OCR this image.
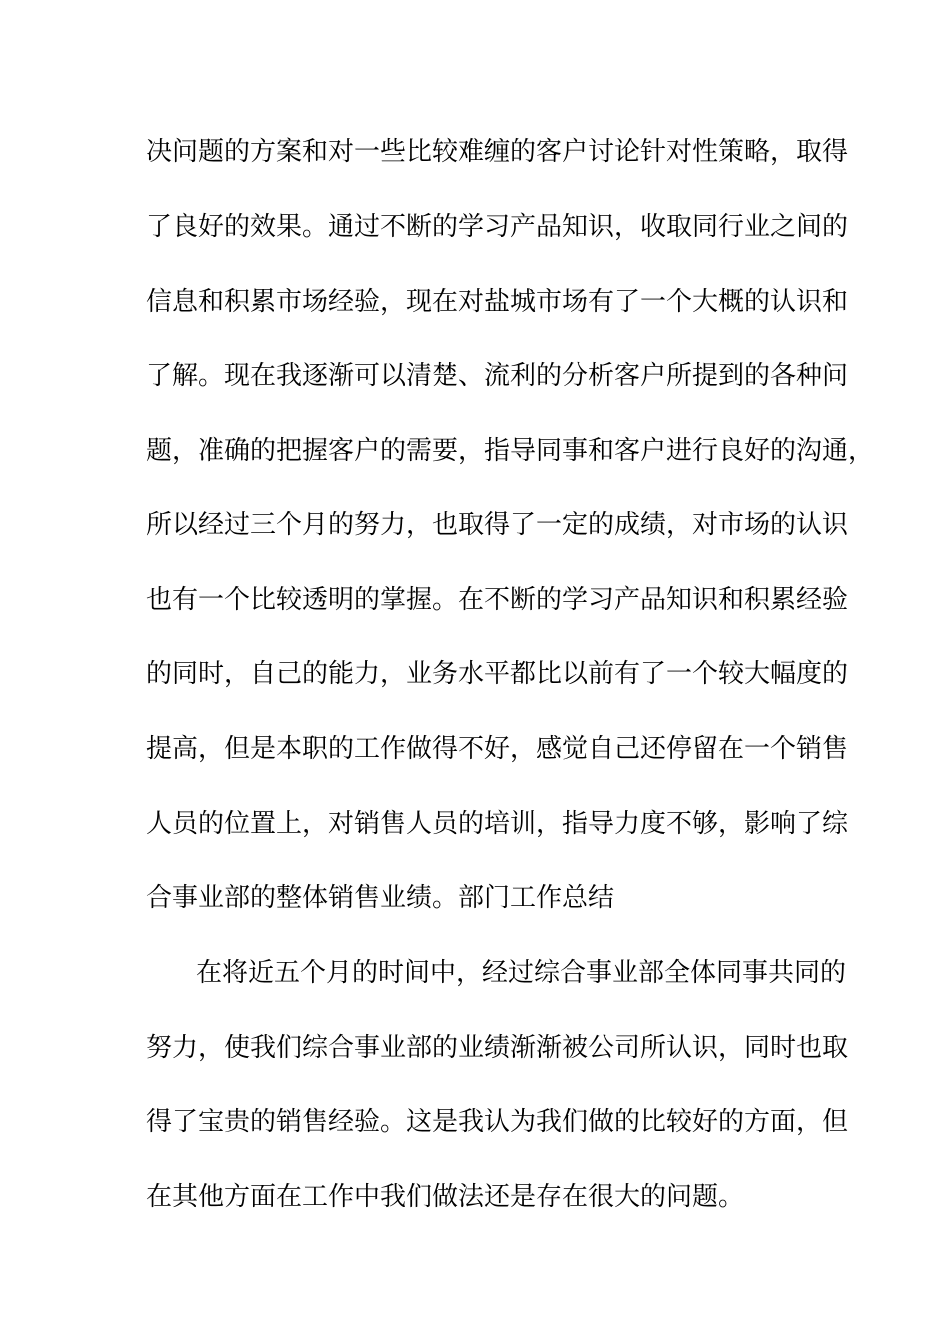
决问题的方案和对一些比较难缠的客户讨论针对性策略，取得
了良好的效果。通过不断的学习产品知识，收取同行业之间的
信息和积累市场经验，现在对盐城市场有了一个大概的认识和
了解。现在我逐渐可以清楚、流利的分析客户所提到的各种问
题，准确的把握客户的需要，指导同事和客户进行良好的沟通，
所以经过三个月的努力，也取得了一定的成绩，对市场的认识
也有一个比较透明的掌握。在不断的学习产品知识和积累经验
的同时，自己的能力，业务水平都比以前有了一个较大幅度的
提高，但是本职的工作做得不好，感觉自己还停留在一个销售
人员的位置上，对销售人员的培训，指导力度不够，影响了综
合事业部的整体销售业绩。部门工作总结
在将近五个月的时间中，经过综合事业部全体同事共同的
努力，使我们综合事业部的业绩渐渐被公司所认识，同时也取
得了宝贵的销售经验。这是我认为我们做的比较好的方面，但
在其他方面在工作中我们做法还是存在很大的问题。
